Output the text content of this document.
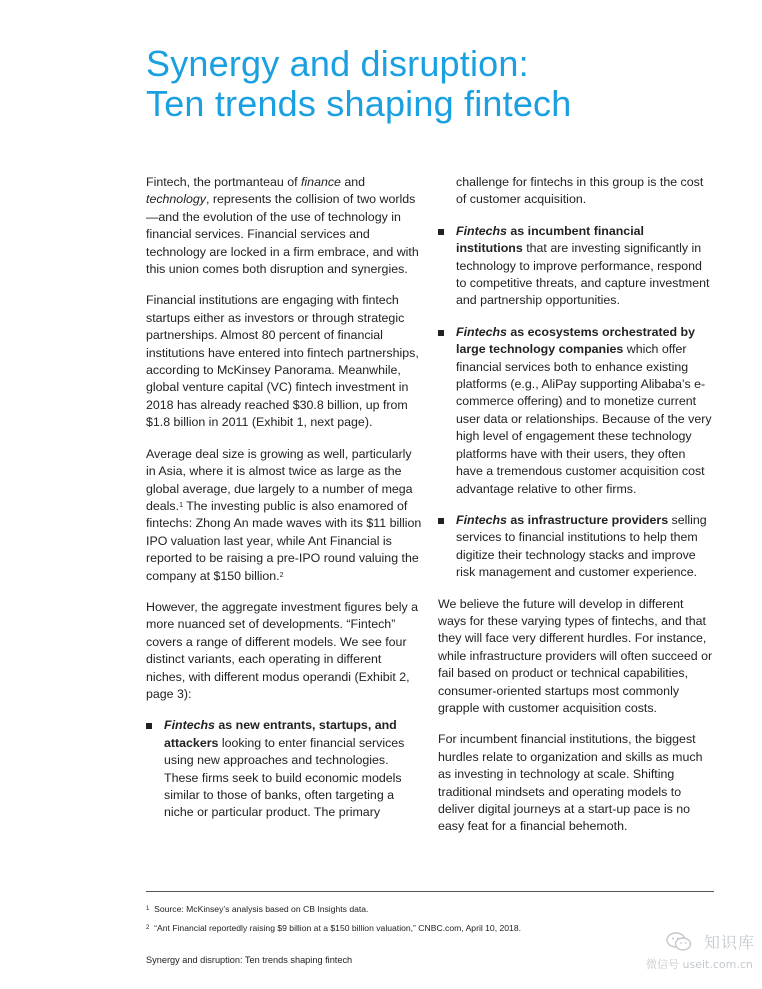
Synergy and disruption:
Ten trends shaping fintech

Fintech, the portmanteau of finance and technology, represents the collision of two worlds—and the evolution of the use of technology in financial services. Financial services and technology are locked in a firm embrace, and with this union comes both disruption and synergies.

Financial institutions are engaging with fintech startups either as investors or through strategic partnerships. Almost 80 percent of financial institutions have entered into fintech partnerships, according to McKinsey Panorama. Meanwhile, global venture capital (VC) fintech investment in 2018 has already reached $30.8 billion, up from $1.8 billion in 2011 (Exhibit 1, next page).

Average deal size is growing as well, particularly in Asia, where it is almost twice as large as the global average, due largely to a number of mega deals.$^1$ The investing public is also enamored of fintechs: Zhong An made waves with its $11 billion IPO valuation last year, while Ant Financial is reported to be raising a pre-IPO round valuing the company at $150 billion.$^2$

However, the aggregate investment figures bely a more nuanced set of developments. “Fintech” covers a range of different models. We see four distinct variants, each operating in different niches, with different modus operandi (Exhibit 2, page 3):

Fintechs as new entrants, startups, and attackers looking to enter financial services using new approaches and technologies. These firms seek to build economic models similar to those of banks, often targeting a niche or particular product. The primary
challenge for fintechs in this group is the cost of customer acquisition.
Fintechs as incumbent financial institutions that are investing significantly in technology to improve performance, respond to competitive threats, and capture investment and partnership opportunities.
Fintechs as ecosystems orchestrated by large technology companies which offer financial services both to enhance existing platforms (e.g., AliPay supporting Alibaba’s e-commerce offering) and to monetize current user data or relationships. Because of the very high level of engagement these technology platforms have with their users, they often have a tremendous customer acquisition cost advantage relative to other firms.
Fintechs as infrastructure providers selling services to financial institutions to help them digitize their technology stacks and improve risk management and customer experience.

We believe the future will develop in different ways for these varying types of fintechs, and that they will face very different hurdles. For instance, while infrastructure providers will often succeed or fail based on product or technical capabilities, consumer-oriented startups most commonly grapple with customer acquisition costs.

For incumbent financial institutions, the biggest hurdles relate to organization and skills as much as investing in technology at scale. Shifting traditional mindsets and operating models to deliver digital journeys at a start-up pace is no easy feat for a financial behemoth.

$^1$ Source: McKinsey’s analysis based on CB Insights data.
$^2$ “Ant Financial reportedly raising $9 billion at a $150 billion valuation,” CNBC.com, April 10, 2018.
Synergy and disruption: Ten trends shaping fintech
知识库
微信号 useit.com.cn
